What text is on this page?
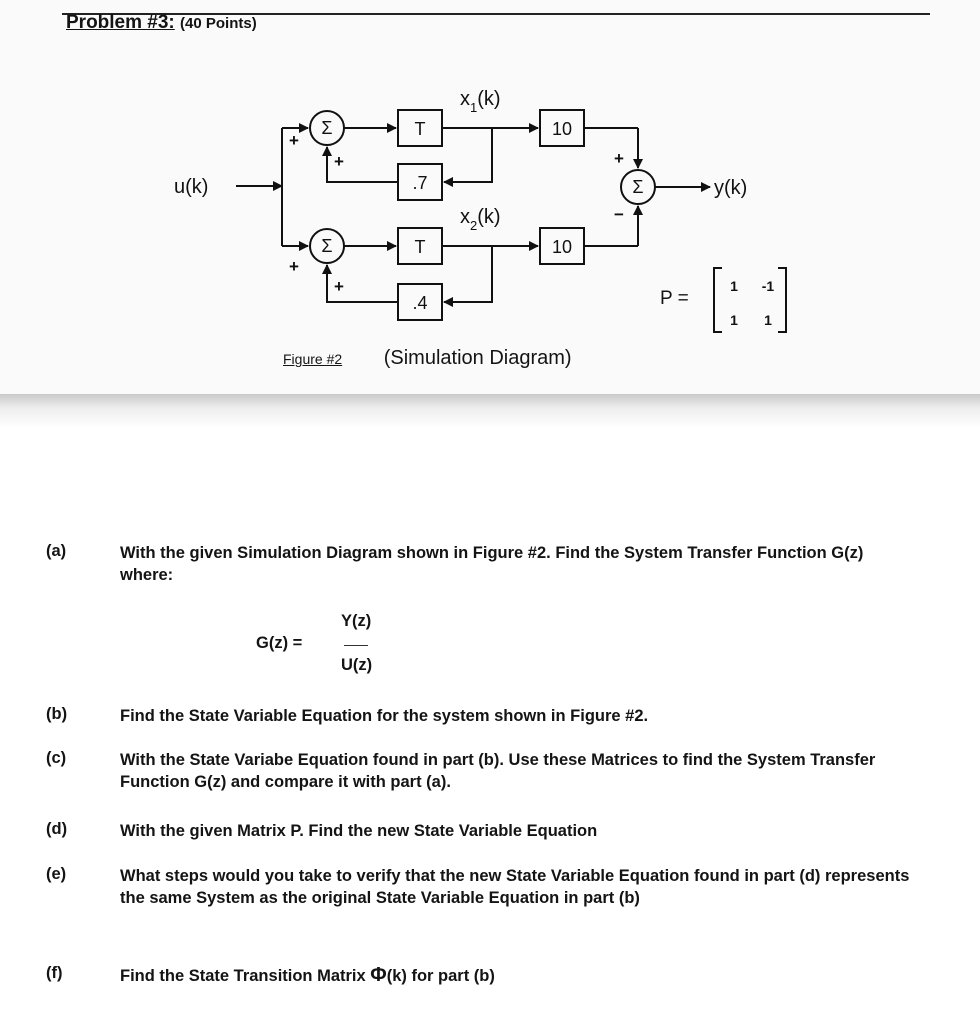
Problem #3: (40 Points)
Σ
Σ
Σ
T
T
.7
.4
10
10
+
+
+
+
+
−
u(k)	y(k)
$x_1(k)$
$x_2(k)$
1 -1
1 1
P =
Figure #2 (Simulation Diagram)
(a)	With the given Simulation Diagram shown in Figure #2. Find the System Transfer Function G(z) where:
G(z) =
Y(z)
U(z)
(b)	Find the State Variable Equation for the system shown in Figure #2.
(c)	With the State Variabe Equation found in part (b). Use these Matrices to find the System Transfer Function G(z) and compare it with part (a).
(d)	With the given Matrix P. Find the new State Variable Equation
(e)	What steps would you take to verify that the new State Variable Equation found in part (d) represents the same System as the original State Variable Equation in part (b)
(f)	Find the State Transition Matrix Φ(k) for part (b)
